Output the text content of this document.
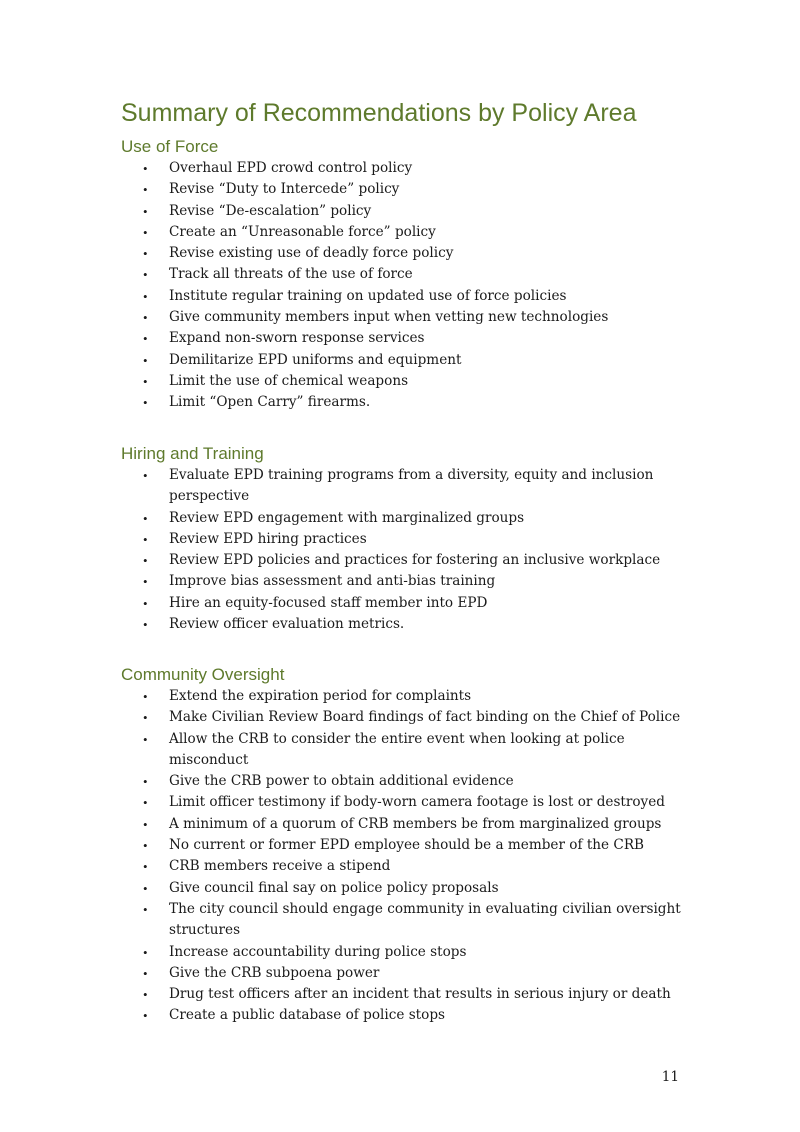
Summary of Recommendations by Policy Area
Use of Force
• Overhaul EPD crowd control policy
• Revise “Duty to Intercede” policy
• Revise “De-escalation” policy
• Create an “Unreasonable force” policy
• Revise existing use of deadly force policy
• Track all threats of the use of force
• Institute regular training on updated use of force policies
• Give community members input when vetting new technologies
• Expand non-sworn response services
• Demilitarize EPD uniforms and equipment
• Limit the use of chemical weapons
• Limit “Open Carry” firearms.
Hiring and Training
• Evaluate EPD training programs from a diversity, equity and inclusion perspective
• Review EPD engagement with marginalized groups
• Review EPD hiring practices
• Review EPD policies and practices for fostering an inclusive workplace
• Improve bias assessment and anti-bias training
• Hire an equity-focused staff member into EPD
• Review officer evaluation metrics.
Community Oversight
• Extend the expiration period for complaints
• Make Civilian Review Board findings of fact binding on the Chief of Police
• Allow the CRB to consider the entire event when looking at police misconduct
• Give the CRB power to obtain additional evidence
• Limit officer testimony if body-worn camera footage is lost or destroyed
• A minimum of a quorum of CRB members be from marginalized groups
• No current or former EPD employee should be a member of the CRB
• CRB members receive a stipend
• Give council final say on police policy proposals
• The city council should engage community in evaluating civilian oversight structures
• Increase accountability during police stops
• Give the CRB subpoena power
• Drug test officers after an incident that results in serious injury or death
• Create a public database of police stops
11
